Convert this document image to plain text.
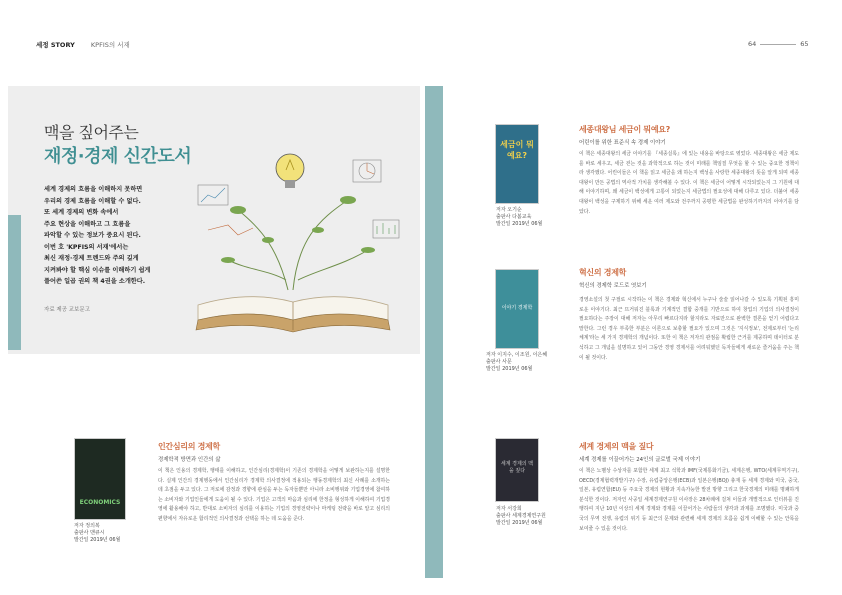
세정 STORY KPFIS의 서재	64	65
맥을 짚어주는
재정·경제 신간도서
세계 경제의 흐름을 이해하지 못하면
우리의 경제 흐름을 이해할 수 없다.
또 세계 경제의 변화 속에서
주요 현상을 이해하고 그 흐름을
파악할 수 있는 정보가 중요시 된다.
이번 호 'KPFIS의 서재'에서는
최신 재정·경제 트렌드와 주의 깊게
지켜봐야 할 핵심 이슈를 이해하기 쉽게
풀어쓴 일곱 권의 책 4권을 소개한다.
자료 제공 교보문고
세금이 뭐예요?
저자 오기순
출판사 다봄교육
발간일 2019년 06월
세종대왕님 세금이 뭐예요?
어린이를 위한 표준식 속 경제 이야기
이 책은 세종대왕의 세금 이야기를 『세종실록』에 있는 내용을 바탕으로 엮었다. 세종대왕은 세금 제도를 바로 세우고, 세금 걷는 것을 과학적으로 하는 것이 미래를 책임질 무엇을 할 수 있는 중요한 정책이라 생각했다. 어린이들은 이 책을 읽고 세금을 왜 하는지 백성을 사랑한 세종대왕의 뜻을 알게 되며 세종대왕이 만든 공법의 역사적 가치를 생각해볼 수 있다. 이 책은 세금이 어떻게 시작되었는지 그 기원에 대해 이야기하며, 왜 세금이 백성에게 고통이 되었는지 세금법의 필요성에 대해 다루고 있다. 더불어 세종대왕이 백성을 구제하기 위해 세운 여러 제도와 전주까지 공평한 세금법을 완성하기까지의 이야기를 담았다.
이야기 경제학
저자 이지수, 이조원, 이은혜
출판사 사문
발간일 2019년 06월
혁신의 경제학
혁신의 경제학 로드로 엿보기
경영소설의 첫 구절로 시작하는 이 책은 경제와 혁신에서 누구나 술술 읽어나갈 수 있도록 기획된 흥미로운 이야기다. 최근 뜨거워진 블록과 기계적인 결합 중개를 기반으로 하여 창업의 기업의 의사결정이 필요하다는 주장이 대해 저자는 아무리 빠르다지라 할지라도 자료만으로 완벽한 결론을 얻기 어렵다고 말한다. 그런 경우 부족한 부분은 이론으로 보충할 필요가 있으며 그것은 '지식정보', 전제로부터 '논리 체계'라는 세 가지 경제학의 개념이다. 또한 이 책은 저자의 관점을 확립한 근거를 제공하며 데이터로 분석하고 그 개념을 설명하고 있어 그동안 경영 경제서를 어려워했던 독자들에게 새로운 즐거움을 주는 책이 될 것이다.
세계 경제의 맥을 짚다
저자 서강희
출판사 세계경제연구원
발간일 2019년 06월
세계 경제의 맥을 짚다
세계 경제를 이끌어가는 24인의 글로벌 국제 이야기
이 책은 노벨상 수상자를 포함한 세계 최고 석학과 IMF(국제통화기금), 세계은행, WTO(세계무역기구), OECD(경제협력개발기구) 수장, 유럽중앙은행(ECB)과 일본은행(BOJ) 총재 등 세계 경제와 미국, 중국, 일본, 유럽연합(EU) 등 주요국 경제의 현황과 지속가능한 발전 방향 그리고 한국경제의 미래를 명쾌하게 분석한 것이다. 저자인 사공일 세계경제연구원 이사장은 28차례에 걸쳐 이들과 개별적으로 인터뷰를 진행하여 지난 10년 이상의 세계 경제와 경제를 이끌어가는 사람들의 생각과 과제를 조명했다. 미국과 중국의 무역 전쟁, 유럽의 위기 등 최근의 문제와 관련해 세계 경제의 흐름을 쉽게 이해할 수 있는 안목을 보여줄 수 있을 것이다.
ECONOMICS
저자 정의복
출판사 맨큐시
발간일 2019년 06월
인간심리의 경제학
경제학적 방면과 인간의 삶
이 책은 인용의 경제학, 행태를 이해하고, 인간심리(경제학)이 기존의 경제학을 어떻게 보완하는지를 설명한다. 실제 인간의 경제행동에서 인간심리가 경제학 의사결정에 적용되는 행동경제학의 최신 사례를 소개하는 데 초점을 두고 있다. 그 저로에 감정과 경향에 관심을 두는 독자들뿐만 아니라 소비행위와 기업경영에 참여하는 소비자와 기업인들에게 도움이 될 수 있다. 기업은 고객의 마음과 심리에 한정을 형성하게 이해하여 기업경영에 활용해야 하고, 반대로 소비자의 심리를 이용하는 기업의 경영전략이나 마케팅 전략을 바로 알고 심리의 편향에서 자유로운 합리적인 의사결정과 선택을 하는 데 도움을 준다.
